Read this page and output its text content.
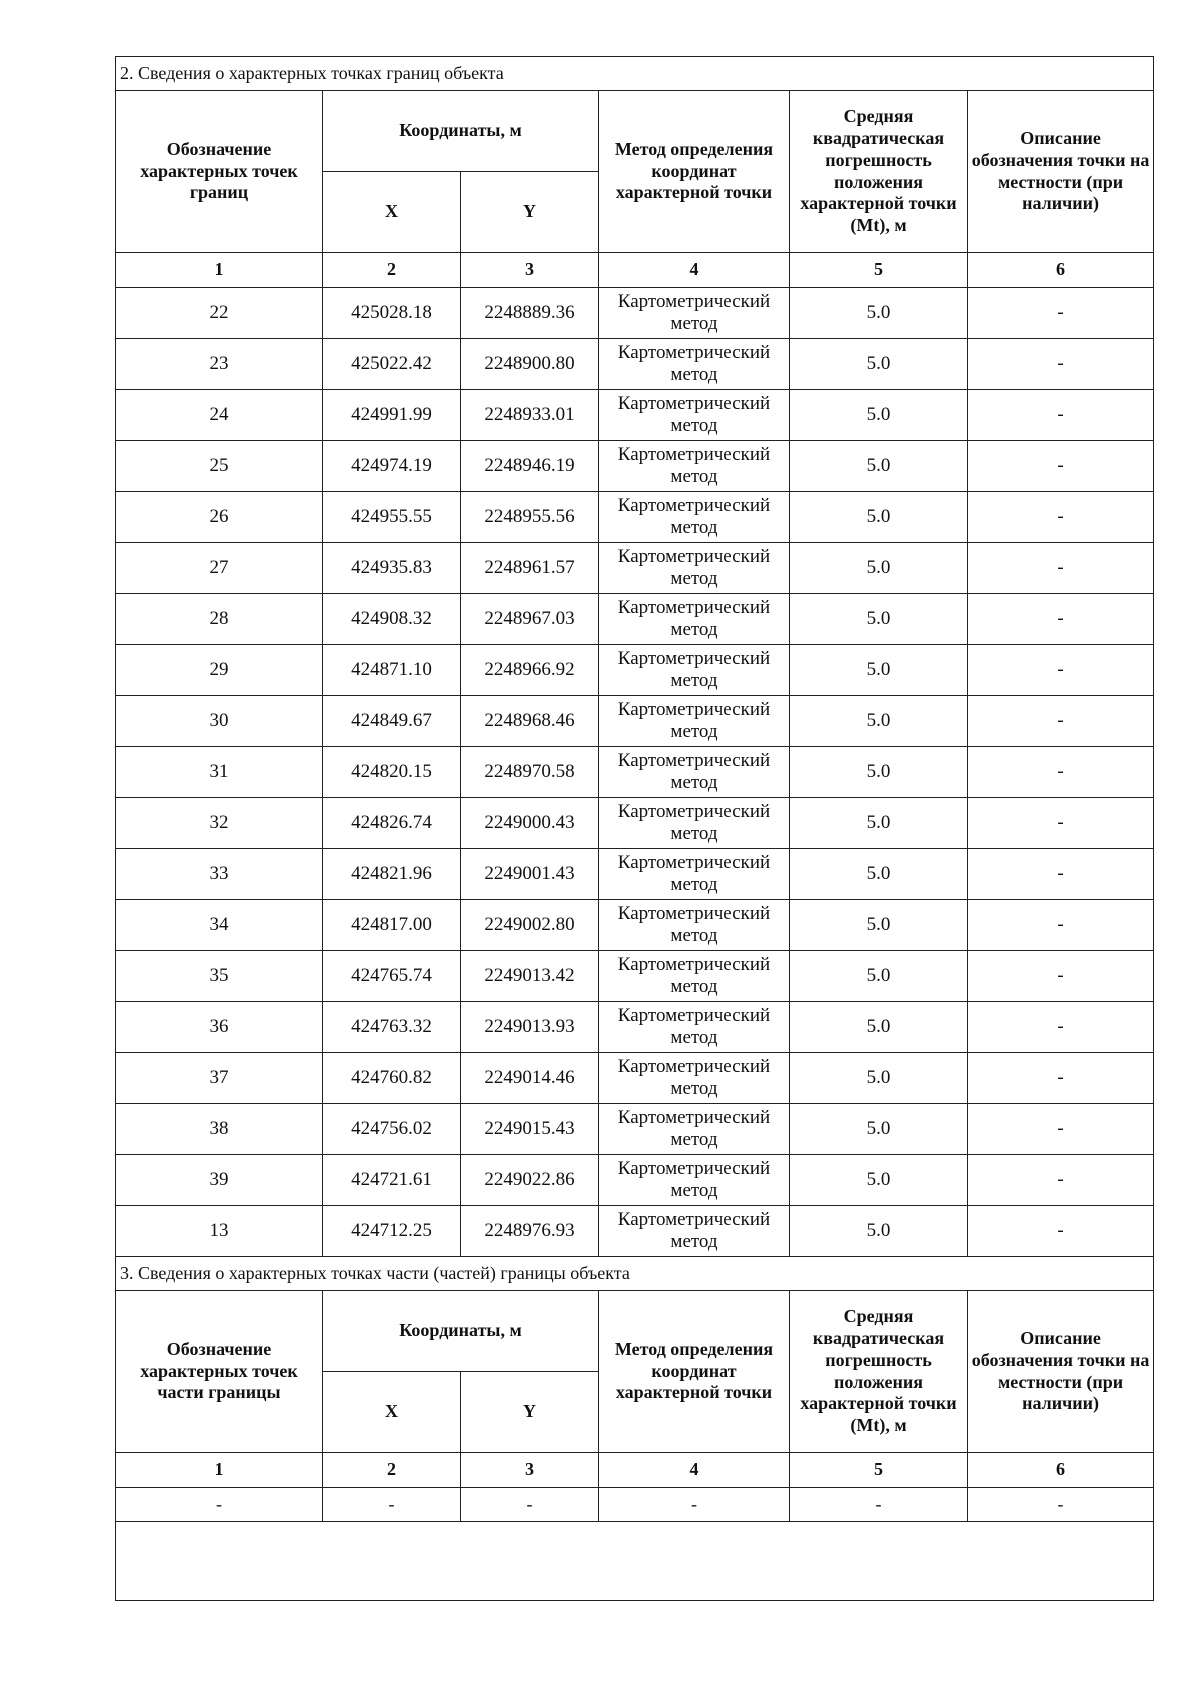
2. Сведения о характерных точках границ объекта					
Обозначение характерных точек границ	Координаты, м		Метод определения координат характерной точки	Средняя квадратическая погрешность положения характерной точки (Mt), м	Описание обозначения точки на местности (при наличии)
	X	Y			
1	2	3	4	5	6
22	425028.18	2248889.36	Картометрический метод	5.0	-
23	425022.42	2248900.80	Картометрический метод	5.0	-
24	424991.99	2248933.01	Картометрический метод	5.0	-
25	424974.19	2248946.19	Картометрический метод	5.0	-
26	424955.55	2248955.56	Картометрический метод	5.0	-
27	424935.83	2248961.57	Картометрический метод	5.0	-
28	424908.32	2248967.03	Картометрический метод	5.0	-
29	424871.10	2248966.92	Картометрический метод	5.0	-
30	424849.67	2248968.46	Картометрический метод	5.0	-
31	424820.15	2248970.58	Картометрический метод	5.0	-
32	424826.74	2249000.43	Картометрический метод	5.0	-
33	424821.96	2249001.43	Картометрический метод	5.0	-
34	424817.00	2249002.80	Картометрический метод	5.0	-
35	424765.74	2249013.42	Картометрический метод	5.0	-
36	424763.32	2249013.93	Картометрический метод	5.0	-
37	424760.82	2249014.46	Картометрический метод	5.0	-
38	424756.02	2249015.43	Картометрический метод	5.0	-
39	424721.61	2249022.86	Картометрический метод	5.0	-
13	424712.25	2248976.93	Картометрический метод	5.0	-
3. Сведения о характерных точках части (частей) границы объекта					
Обозначение характерных точек части границы	Координаты, м		Метод определения координат характерной точки	Средняя квадратическая погрешность положения характерной точки (Mt), м	Описание обозначения точки на местности (при наличии)
	X	Y			
1	2	3	4	5	6
-	-	-	-	-	-
